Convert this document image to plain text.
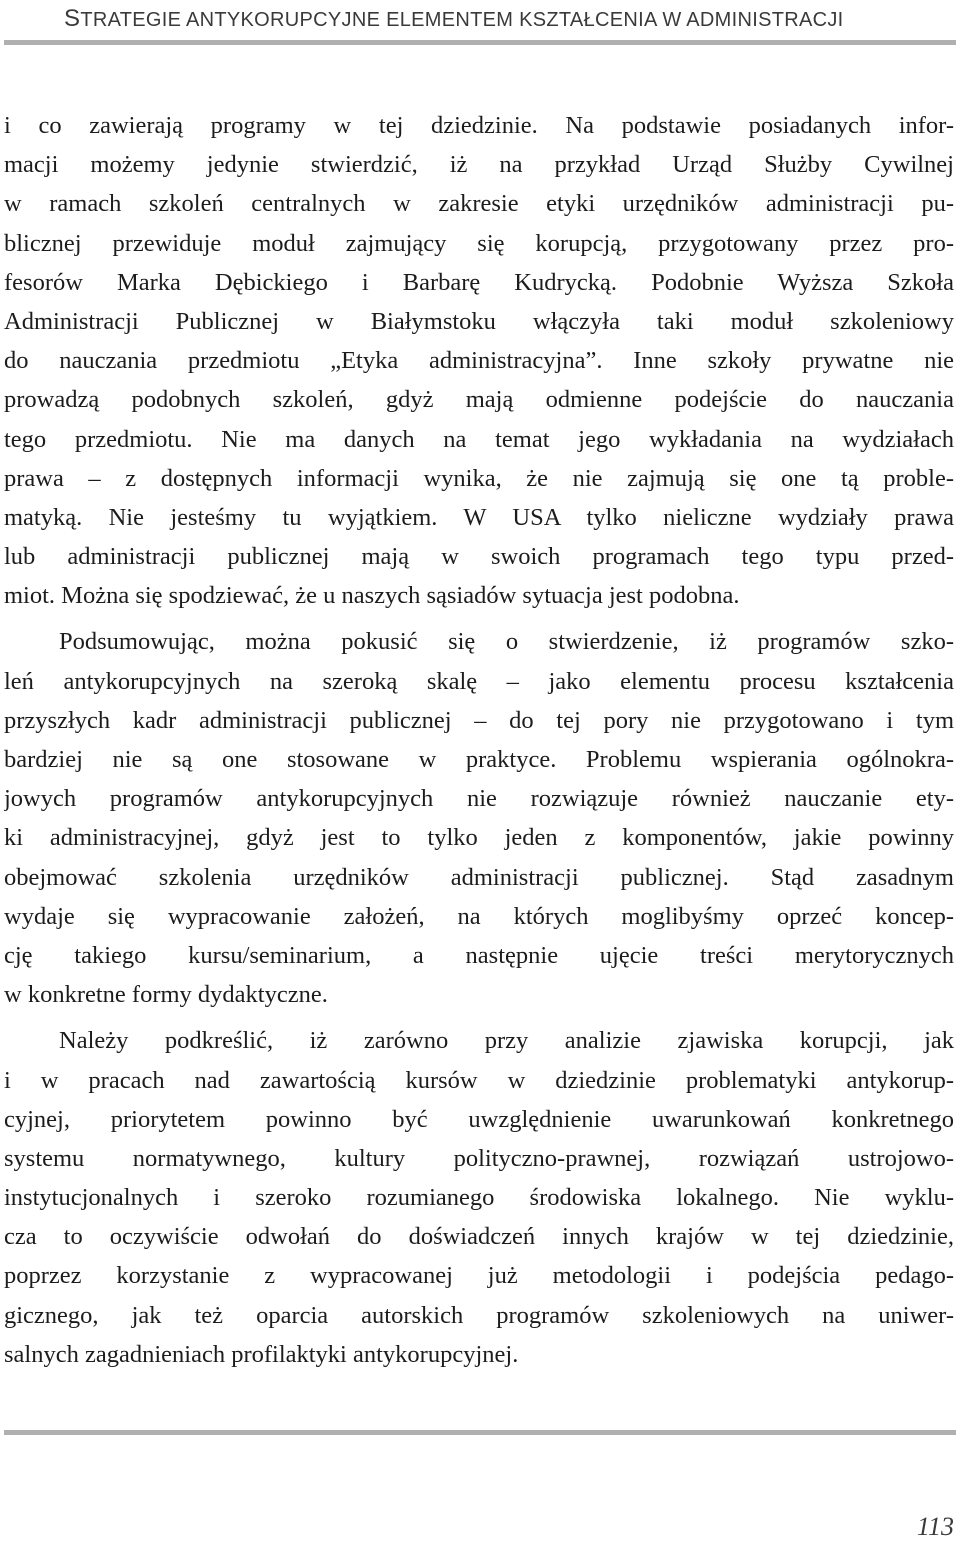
STRATEGIE ANTYKORUPCYJNE ELEMENTEM KSZTAŁCENIA W ADMINISTRACJI
i co zawierają programy w tej dziedzinie. Na podstawie posiadanych infor-
macji możemy jedynie stwierdzić, iż na przykład Urząd Służby Cywilnej
w ramach szkoleń centralnych w zakresie etyki urzędników administracji pu-
blicznej przewiduje moduł zajmujący się korupcją, przygotowany przez pro-
fesorów Marka Dębickiego i Barbarę Kudrycką. Podobnie Wyższa Szkoła
Administracji Publicznej w Białymstoku włączyła taki moduł szkoleniowy
do nauczania przedmiotu „Etyka administracyjna”. Inne szkoły prywatne nie
prowadzą podobnych szkoleń, gdyż mają odmienne podejście do nauczania
tego przedmiotu. Nie ma danych na temat jego wykładania na wydziałach
prawa – z dostępnych informacji wynika, że nie zajmują się one tą proble-
matyką. Nie jesteśmy tu wyjątkiem. W USA tylko nieliczne wydziały prawa
lub administracji publicznej mają w swoich programach tego typu przed-
miot. Można się spodziewać, że u naszych sąsiadów sytuacja jest podobna.
Podsumowując, można pokusić się o stwierdzenie, iż programów szko-
leń antykorupcyjnych na szeroką skalę – jako elementu procesu kształcenia
przyszłych kadr administracji publicznej – do tej pory nie przygotowano i tym
bardziej nie są one stosowane w praktyce. Problemu wspierania ogólnokra-
jowych programów antykorupcyjnych nie rozwiązuje również nauczanie ety-
ki administracyjnej, gdyż jest to tylko jeden z komponentów, jakie powinny
obejmować szkolenia urzędników administracji publicznej. Stąd zasadnym
wydaje się wypracowanie założeń, na których moglibyśmy oprzeć koncep-
cję takiego kursu/seminarium, a następnie ujęcie treści merytorycznych
w konkretne formy dydaktyczne.
Należy podkreślić, iż zarówno przy analizie zjawiska korupcji, jak
i w pracach nad zawartością kursów w dziedzinie problematyki antykorup-
cyjnej, priorytetem powinno być uwzględnienie uwarunkowań konkretnego
systemu normatywnego, kultury polityczno-prawnej, rozwiązań ustrojowo-
instytucjonalnych i szeroko rozumianego środowiska lokalnego. Nie wyklu-
cza to oczywiście odwołań do doświadczeń innych krajów w tej dziedzinie,
poprzez korzystanie z wypracowanej już metodologii i podejścia pedago-
gicznego, jak też oparcia autorskich programów szkoleniowych na uniwer-
salnych zagadnieniach profilaktyki antykorupcyjnej.
113
